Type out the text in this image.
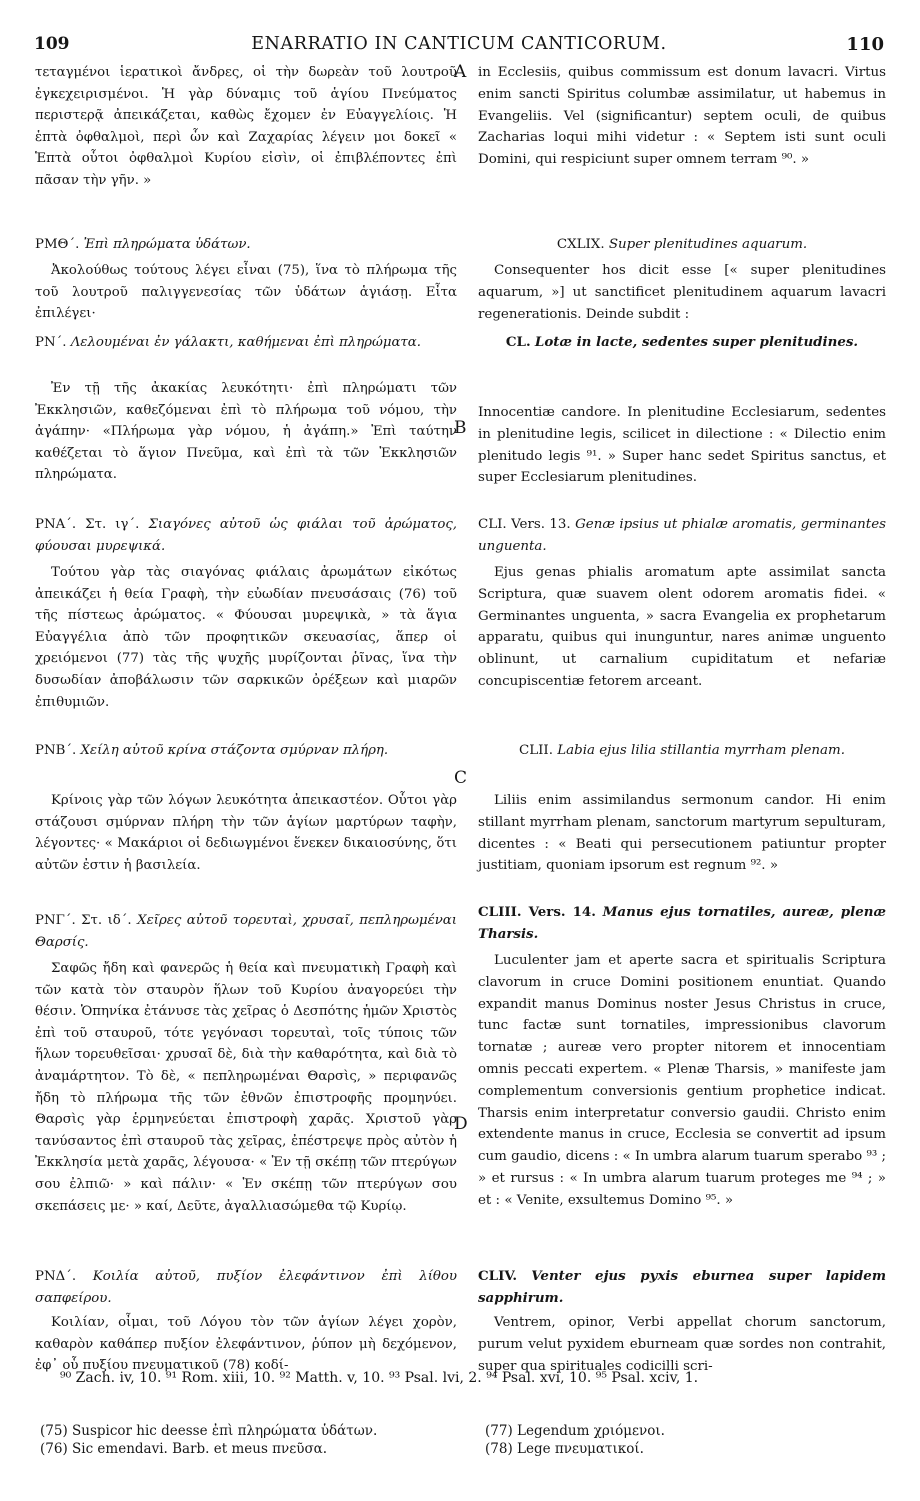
109	ENARRATIO IN CANTICUM CANTICORUM.	110
A
B
C
D

τεταγμένοι ἱερατικοὶ ἄνδρες, οἱ τὴν δωρεὰν τοῦ λουτροῦ ἐγκεχειρισμένοι. Ἡ γὰρ δύναμις τοῦ ἁγίου Πνεύματος περιστερᾷ ἀπεικάζεται, καθὼς ἔχομεν ἐν Εὐαγγελίοις. Ἡ ἑπτὰ ὀφθαλμοὶ, περὶ ὧν καὶ Ζαχαρίας λέγειν μοι δοκεῖ « Ἑπτὰ οὗτοι ὀφθαλμοὶ Κυρίου εἰσὶν, οἱ ἐπιβλέποντες ἐπὶ πᾶσαν τὴν γῆν. »

ΡΜΘ΄. Ἐπὶ πληρώματα ὑδάτων.

Ἀκολούθως τούτους λέγει εἶναι (75), ἵνα τὸ πλήρωμα τῆς τοῦ λουτροῦ παλιγγενεσίας τῶν ὑδάτων ἁγιάσῃ. Εἶτα ἐπιλέγει·

ΡΝ΄. Λελουμέναι ἐν γάλακτι, καθήμεναι ἐπὶ πληρώματα.

Ἐν τῇ τῆς ἀκακίας λευκότητι· ἐπὶ πληρώματι τῶν Ἐκκλησιῶν, καθεζόμεναι ἐπὶ τὸ πλήρωμα τοῦ νόμου, τὴν ἀγάπην· «Πλήρωμα γὰρ νόμου, ἡ ἀγάπη.» Ἐπὶ ταύτην καθέζεται τὸ ἅγιον Πνεῦμα, καὶ ἐπὶ τὰ τῶν Ἐκκλησιῶν πληρώματα.

ΡΝΑ΄. Στ. ιγ΄. Σιαγόνες αὐτοῦ ὡς φιάλαι τοῦ ἀρώματος, φύουσαι μυρεψικά.

Τούτου γὰρ τὰς σιαγόνας φιάλαις ἀρωμάτων εἰκότως ἀπεικάζει ἡ θεία Γραφὴ, τὴν εὐωδίαν πνευσάσαις (76) τοῦ τῆς πίστεως ἀρώματος. « Φύουσαι μυρεψικὰ, » τὰ ἅγια Εὐαγγέλια ἀπὸ τῶν προφητικῶν σκευασίας, ἅπερ οἱ χρειόμενοι (77) τὰς τῆς ψυχῆς μυρίζονται ῥῖνας, ἵνα τὴν δυσωδίαν ἀποβάλωσιν τῶν σαρκικῶν ὀρέξεων καὶ μιαρῶν ἐπιθυμιῶν.

ΡΝΒ΄. Χείλη αὐτοῦ κρίνα στάζοντα σμύρναν πλήρη.

Κρίνοις γὰρ τῶν λόγων λευκότητα ἀπεικαστέον. Οὗτοι γὰρ στάζουσι σμύρναν πλήρη τὴν τῶν ἁγίων μαρτύρων ταφὴν, λέγοντες· « Μακάριοι οἱ δεδιωγμένοι ἕνεκεν δικαιοσύνης, ὅτι αὐτῶν ἐστιν ἡ βασιλεία.

ΡΝΓ΄. Στ. ιδ΄. Χεῖρες αὐτοῦ τορευταὶ, χρυσαῖ, πεπληρωμέναι Θαρσίς.

Σαφῶς ἤδη καὶ φανερῶς ἡ θεία καὶ πνευματικὴ Γραφὴ καὶ τῶν κατὰ τὸν σταυρὸν ἥλων τοῦ Κυρίου ἀναγορεύει τὴν θέσιν. Ὁπηνίκα ἐτάνυσε τὰς χεῖρας ὁ Δεσπότης ἡμῶν Χριστὸς ἐπὶ τοῦ σταυροῦ, τότε γεγόνασι τορευταὶ, τοῖς τύποις τῶν ἥλων τορευθεῖσαι· χρυσαῖ δὲ, διὰ τὴν καθαρότητα, καὶ διὰ τὸ ἀναμάρτητον. Τὸ δὲ, « πεπληρωμέναι Θαρσὶς, » περιφανῶς ἤδη τὸ πλήρωμα τῆς τῶν ἐθνῶν ἐπιστροφῆς προμηνύει. Θαρσὶς γὰρ ἑρμηνεύεται ἐπιστροφὴ χαρᾶς. Χριστοῦ γὰρ τανύσαντος ἐπὶ σταυροῦ τὰς χεῖρας, ἐπέστρεψε πρὸς αὐτὸν ἡ Ἐκκλησία μετὰ χαρᾶς, λέγουσα· « Ἐν τῇ σκέπῃ τῶν πτερύγων σου ἐλπιῶ· » καὶ πάλιν· « Ἐν σκέπῃ τῶν πτερύγων σου σκεπάσεις με· » καί, Δεῦτε, ἀγαλλιασώμεθα τῷ Κυρίῳ.

ΡΝΔ΄. Κοιλία αὐτοῦ, πυξίον ἐλεφάντινον ἐπὶ λίθου σαπφείρου.

Κοιλίαν, οἶμαι, τοῦ Λόγου τὸν τῶν ἁγίων λέγει χορὸν, καθαρὸν καθάπερ πυξίον ἐλεφάντινον, ῥύπον μὴ δεχόμενον, ἐφ᾽ οὗ πυξίου πνευματικοῦ (78) κοδί-

in Ecclesiis, quibus commissum est donum lavacri. Virtus enim sancti Spiritus columbæ assimilatur, ut habemus in Evangeliis. Vel (significantur) septem oculi, de quibus Zacharias loqui mihi videtur : « Septem isti sunt oculi Domini, qui respiciunt super omnem terram ⁹⁰. »

CXLIX. Super plenitudines aquarum.

Consequenter hos dicit esse [« super plenitudines aquarum, »] ut sanctificet plenitudinem aquarum lavacri regenerationis. Deinde subdit :

CL. Lotæ in lacte, sedentes super plenitudines.

Innocentiæ candore. In plenitudine Ecclesiarum, sedentes in plenitudine legis, scilicet in dilectione : « Dilectio enim plenitudo legis ⁹¹. » Super hanc sedet Spiritus sanctus, et super Ecclesiarum plenitudines.

CLI. Vers. 13. Genæ ipsius ut phialæ aromatis, germinantes unguenta.

Ejus genas phialis aromatum apte assimilat sancta Scriptura, quæ suavem olent odorem aromatis fidei. « Germinantes unguenta, » sacra Evangelia ex prophetarum apparatu, quibus qui inunguntur, nares animæ unguento oblinunt, ut carnalium cupiditatum et nefariæ concupiscentiæ fetorem arceant.

CLII. Labia ejus lilia stillantia myrrham plenam.

Liliis enim assimilandus sermonum candor. Hi enim stillant myrrham plenam, sanctorum martyrum sepulturam, dicentes : « Beati qui persecutionem patiuntur propter justitiam, quoniam ipsorum est regnum ⁹². »

CLIII. Vers. 14. Manus ejus tornatiles, aureæ, plenæ Tharsis.

Luculenter jam et aperte sacra et spiritualis Scriptura clavorum in cruce Domini positionem enuntiat. Quando expandit manus Dominus noster Jesus Christus in cruce, tunc factæ sunt tornatiles, impressionibus clavorum tornatæ ; aureæ vero propter nitorem et innocentiam omnis peccati expertem. « Plenæ Tharsis, » manifeste jam complementum conversionis gentium prophetice indicat. Tharsis enim interpretatur conversio gaudii. Christo enim extendente manus in cruce, Ecclesia se convertit ad ipsum cum gaudio, dicens : « In umbra alarum tuarum sperabo ⁹³ ; » et rursus : « In umbra alarum tuarum proteges me ⁹⁴ ; » et : « Venite, exsultemus Domino ⁹⁵. »

CLIV. Venter ejus pyxis eburnea super lapidem sapphirum.

Ventrem, opinor, Verbi appellat chorum sanctorum, purum velut pyxidem eburneam quæ sordes non contrahit, super qua spirituales codicilli scri-

⁹⁰ Zach. iv, 10. ⁹¹ Rom. xiii, 10. ⁹² Matth. v, 10. ⁹³ Psal. lvi, 2. ⁹⁴ Psal. xvi, 10. ⁹⁵ Psal. xciv, 1.

(75) Suspicor hic deesse ἐπὶ πληρώματα ὑδάτων.

(76) Sic emendavi. Barb. et meus πνεῦσα.

(77) Legendum χριόμενοι.

(78) Lege πνευματικοί.
